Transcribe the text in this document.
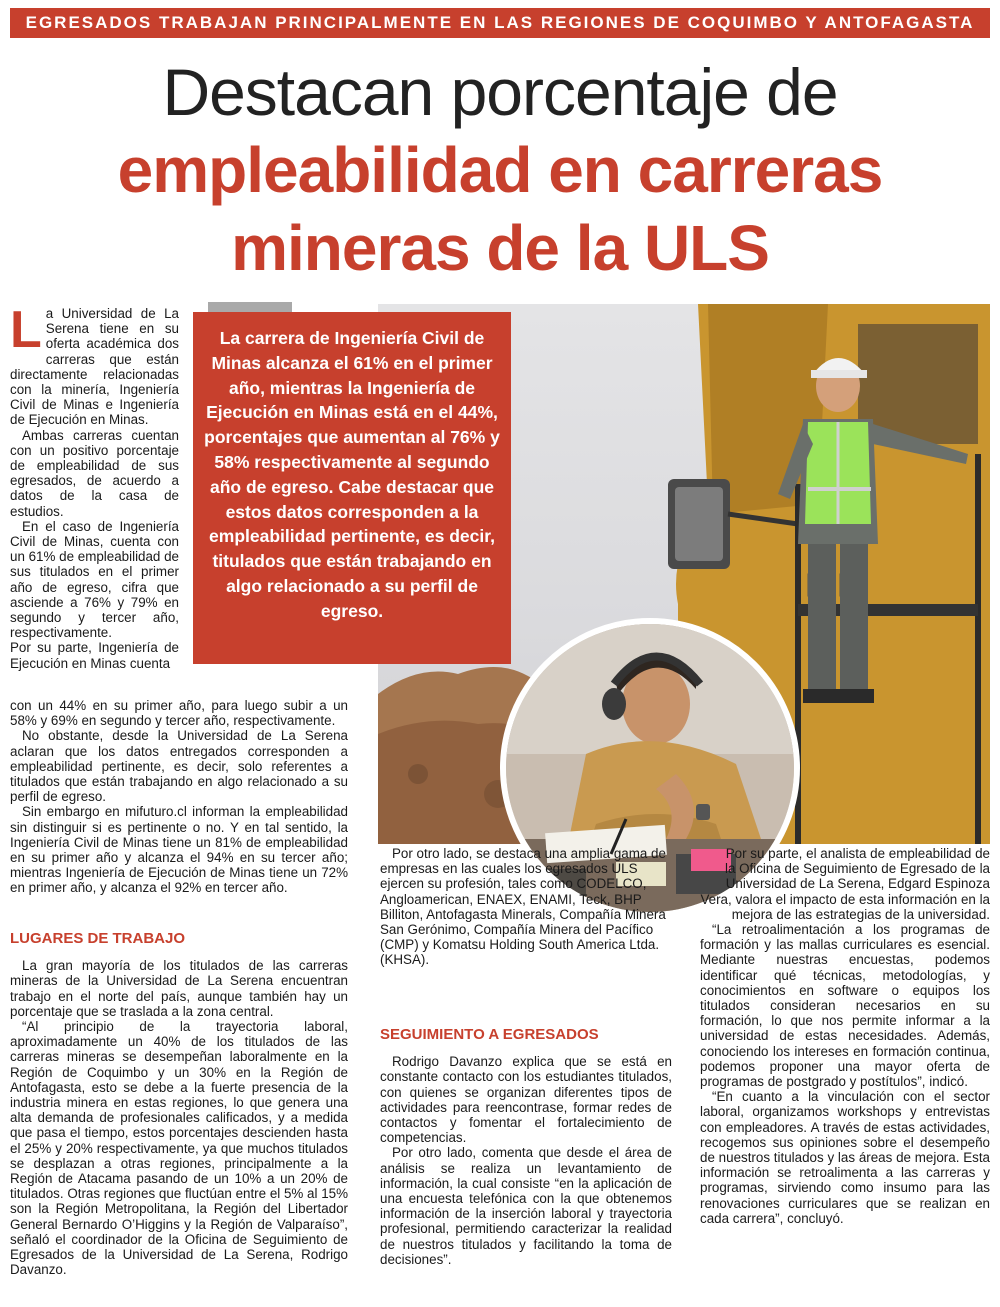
EGRESADOS TRABAJAN PRINCIPALMENTE EN LAS REGIONES DE COQUIMBO Y ANTOFAGASTA
Destacan porcentaje de
empleabilidad en carreras
mineras de la ULS
La carrera de Ingeniería Civil de Minas alcanza el 61% en el primer año, mientras la Ingeniería de Ejecución en Minas está en el 44%, porcentajes que aumentan al 76% y 58% respectivamente al segundo año de egreso. Cabe destacar que estos datos corresponden a la empleabilidad pertinente, es decir, titulados que están trabajando en algo relacionado a su perfil de egreso.
L a Universidad de La Serena tiene en su oferta académica dos carreras que están directamente relacionadas con la minería, Ingeniería Civil de Minas e Ingeniería de Ejecución en Minas.

Ambas carreras cuentan con un positivo porcentaje de empleabilidad de sus egresados, de acuerdo a datos de la casa de estudios.

En el caso de Ingeniería Civil de Minas, cuenta con un 61% de empleabilidad de sus titulados en el primer año de egreso, cifra que asciende a 76% y 79% en segundo y tercer año, respectivamente.

Por su parte, Ingeniería de Ejecución en Minas cuenta

con un 44% en su primer año, para luego subir a un 58% y 69% en segundo y tercer año, respectivamente.

No obstante, desde la Universidad de La Serena aclaran que los datos entregados corresponden a empleabilidad pertinente, es decir, solo referentes a titulados que están trabajando en algo relacionado a su perfil de egreso.

Sin embargo en mifuturo.cl informan la empleabilidad sin distinguir si es pertinente o no. Y en tal sentido, la Ingeniería Civil de Minas tiene un 81% de empleabilidad en su primer año y alcanza el 94% en su tercer año; mientras Ingeniería de Ejecución de Minas tiene un 72% en primer año, y alcanza el 92% en tercer año.

LUGARES DE TRABAJO

La gran mayoría de los titulados de las carreras mineras de la Universidad de La Serena encuentran trabajo en el norte del país, aunque también hay un porcentaje que se traslada a la zona central.

“Al principio de la trayectoria laboral, aproximadamente un 40% de los titulados de las carreras mineras se desempeñan laboralmente en la Región de Coquimbo y un 30% en la Región de Antofagasta, esto se debe a la fuerte presencia de la industria minera en estas regiones, lo que genera una alta demanda de profesionales calificados, y a medida que pasa el tiempo, estos porcentajes descienden hasta el 25% y 20% respectivamente, ya que muchos titulados se desplazan a otras regiones, principalmente a la Región de Atacama pasando de un 10% a un 20% de titulados. Otras regiones que fluctúan entre el 5% al 15% son la Región Metropolitana, la Región del Libertador General Bernardo O’Higgins y la Región de Valparaíso”, señaló el coordinador de la Oficina de Seguimiento de Egresados de la Universidad de La Serena, Rodrigo Davanzo.

Por otro lado, se destaca una amplia gama de empresas en las cuales los egresados ULS ejercen su profesión, tales como CODELCO, Angloamerican, ENAEX, ENAMI, Teck, BHP Billiton, Antofagasta Minerals, Compañía Minera San Gerónimo, Compañía Minera del Pacífico (CMP) y Komatsu Holding South America Ltda. (KHSA).

SEGUIMIENTO A EGRESADOS

Rodrigo Davanzo explica que se está en constante contacto con los estudiantes titulados, con quienes se organizan diferentes tipos de actividades para reencontrase, formar redes de contactos y fomentar el fortalecimiento de competencias.

Por otro lado, comenta que desde el área de análisis se realiza un levantamiento de información, la cual consiste “en la aplicación de una encuesta telefónica con la que obtenemos información de la inserción laboral y trayectoria profesional, permitiendo caracterizar la realidad de nuestros titulados y facilitando la toma de decisiones”.

Por su parte, el analista de empleabilidad de la Oficina de Seguimiento de Egresado de la Universidad de La Serena, Edgard Espinoza Vera, valora el impacto de esta información en la mejora de las estrategias de la universidad.

“La retroalimentación a los programas de formación y las mallas curriculares es esencial. Mediante nuestras encuestas, podemos identificar qué técnicas, metodologías, y conocimientos en software o equipos los titulados consideran necesarios en su formación, lo que nos permite informar a la universidad de estas necesidades. Además, conociendo los intereses en formación continua, podemos proponer una mayor oferta de programas de postgrado y postítulos”, indicó.

“En cuanto a la vinculación con el sector laboral, organizamos workshops y entrevistas con empleadores. A través de estas actividades, recogemos sus opiniones sobre el desempeño de nuestros titulados y las áreas de mejora. Esta información se retroalimenta a las carreras y programas, sirviendo como insumo para las renovaciones curriculares que se realizan en cada carrera”, concluyó.
